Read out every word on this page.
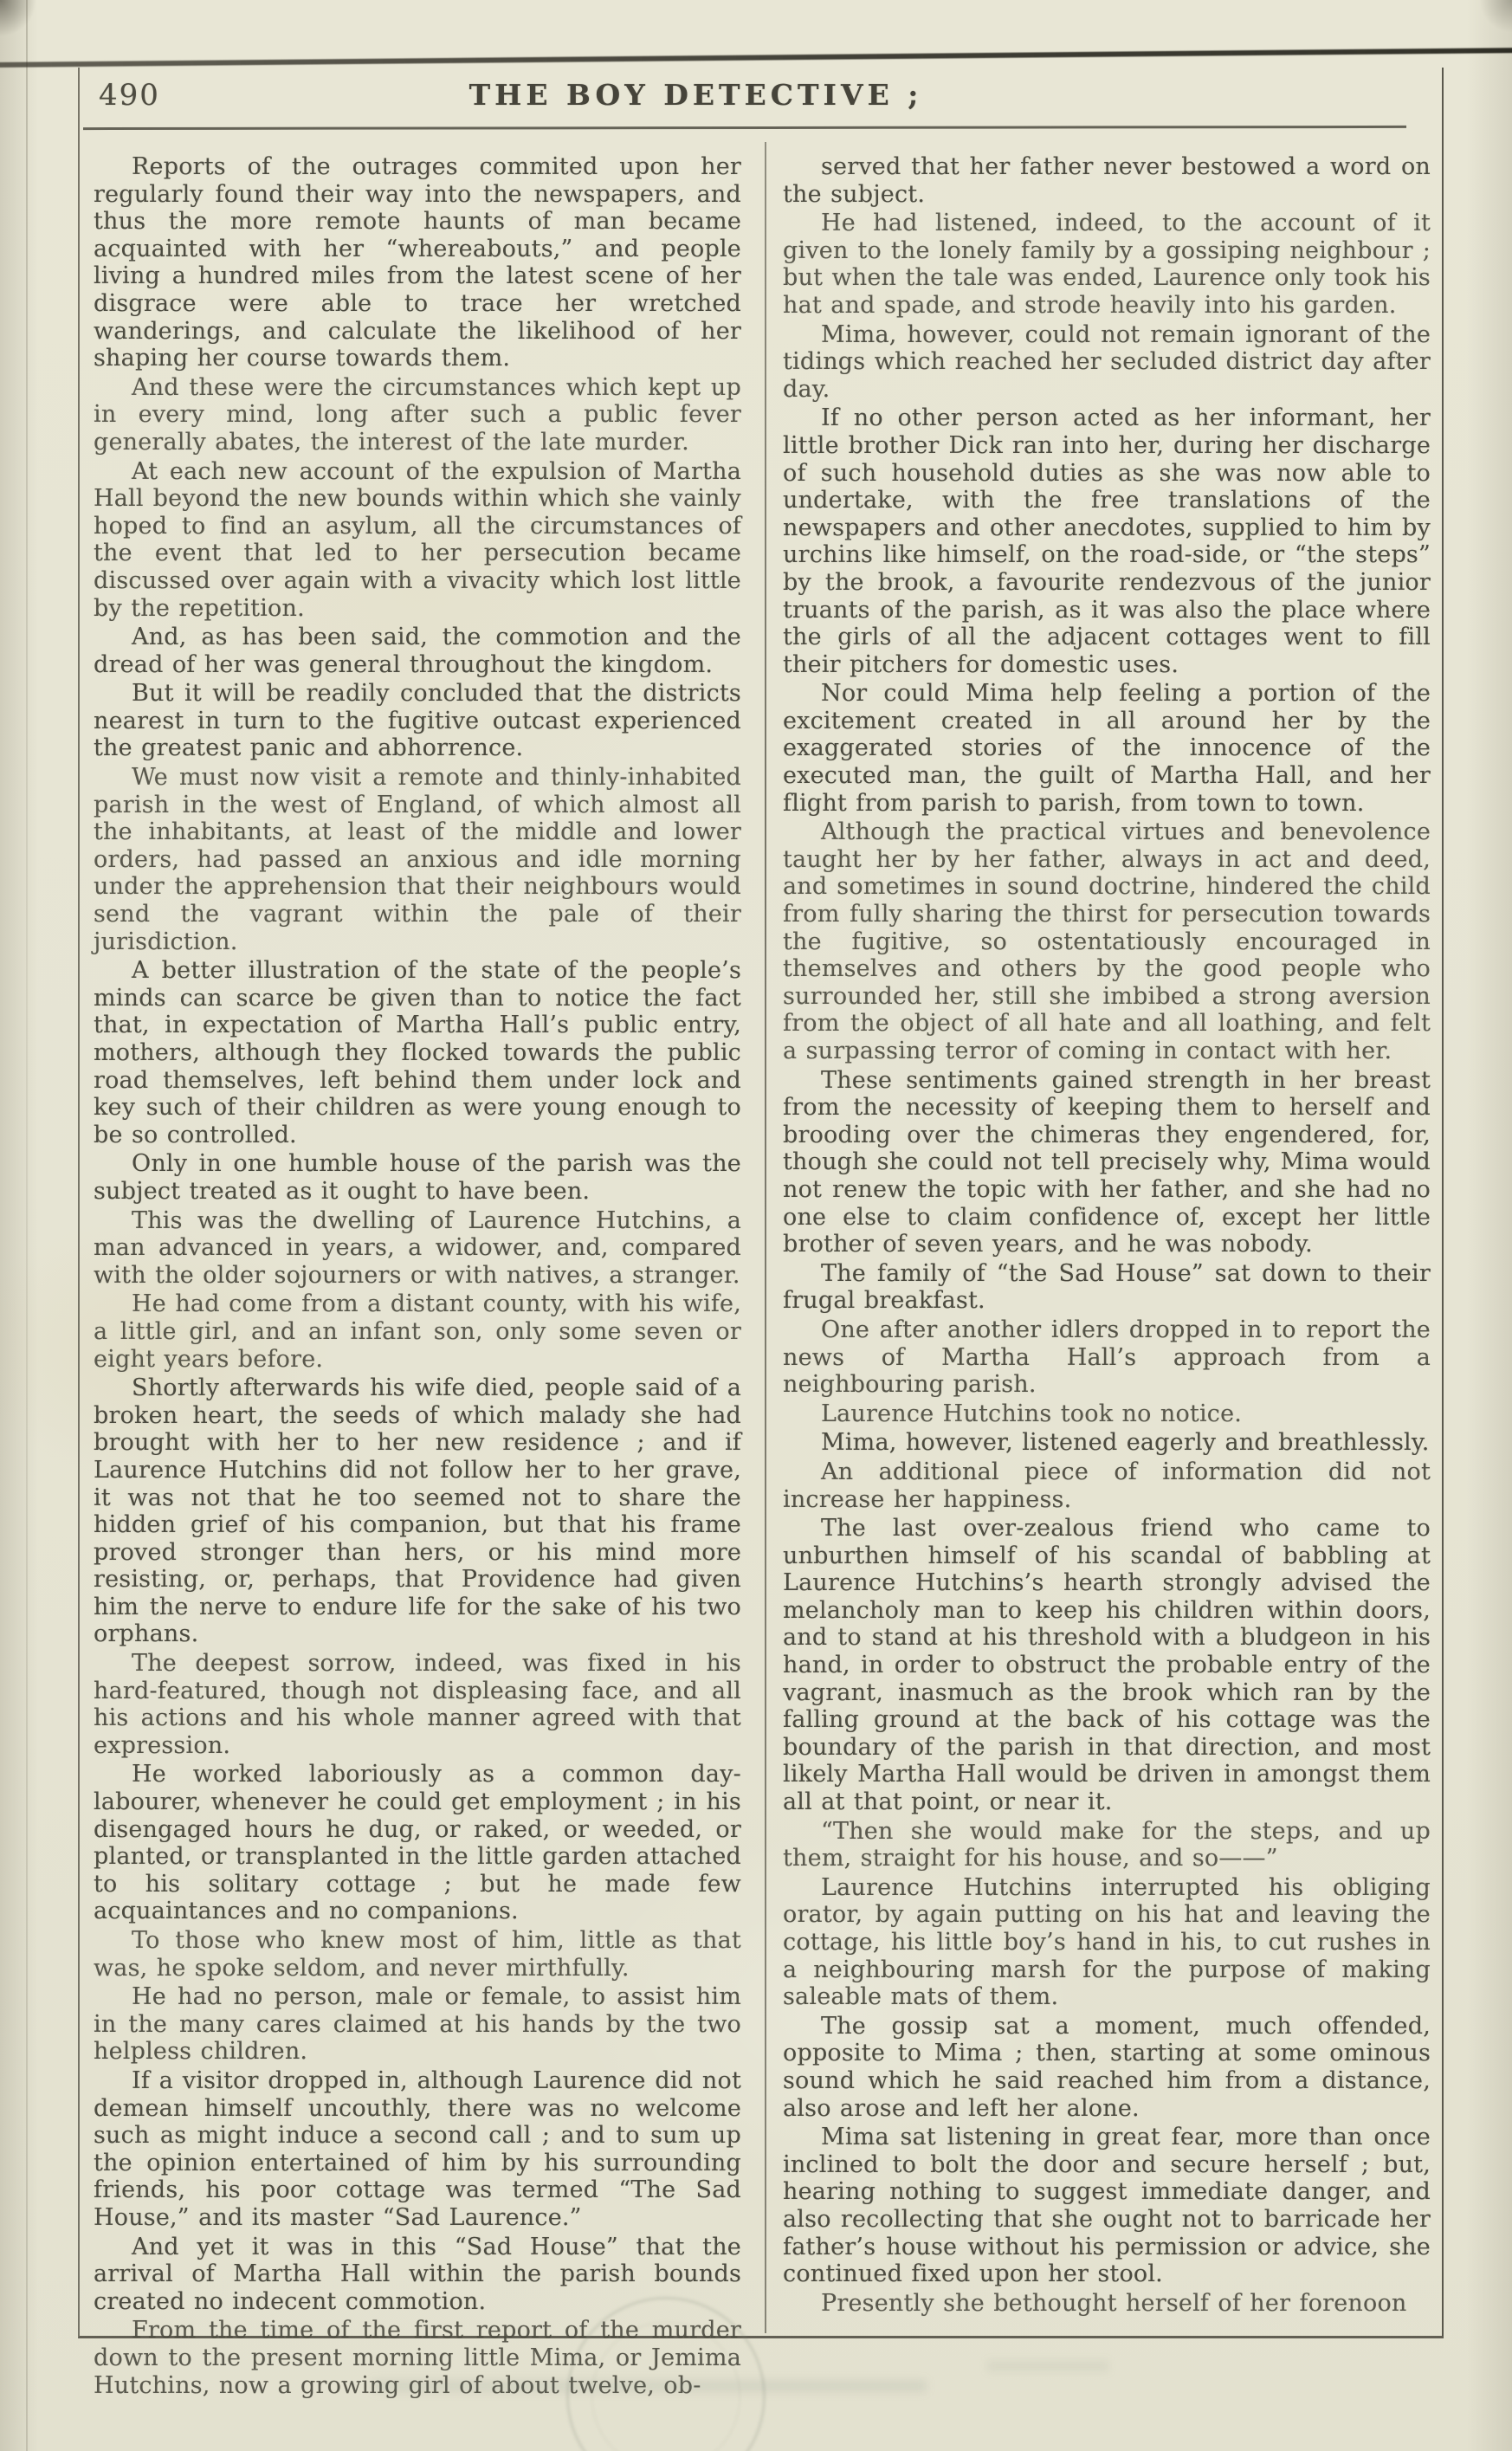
490	THE BOY DETECTIVE ;

Reports of the outrages commited upon her regularly found their way into the newspapers, and thus the more remote haunts of man became acquainted with her “whereabouts,” and people living a hundred miles from the latest scene of her disgrace were able to trace her wretched wanderings, and calculate the likelihood of her shaping her course towards them.

And these were the circumstances which kept up in every mind, long after such a public fever generally abates, the interest of the late murder.

At each new account of the expulsion of Martha Hall beyond the new bounds within which she vainly hoped to find an asylum, all the circumstances of the event that led to her persecution became discussed over again with a vivacity which lost little by the repetition.

And, as has been said, the commotion and the dread of her was general throughout the kingdom.

But it will be readily concluded that the districts nearest in turn to the fugitive outcast experienced the greatest panic and abhorrence.

We must now visit a remote and thinly-inhabited parish in the west of England, of which almost all the inhabitants, at least of the middle and lower orders, had passed an anxious and idle morning under the apprehension that their neighbours would send the vagrant within the pale of their jurisdiction.

A better illustration of the state of the people’s minds can scarce be given than to notice the fact that, in expectation of Martha Hall’s public entry, mothers, although they flocked towards the public road themselves, left behind them under lock and key such of their children as were young enough to be so controlled.

Only in one humble house of the parish was the subject treated as it ought to have been.

This was the dwelling of Laurence Hutchins, a man advanced in years, a widower, and, compared with the older sojourners or with natives, a stranger.

He had come from a distant county, with his wife, a little girl, and an infant son, only some seven or eight years before.

Shortly afterwards his wife died, people said of a broken heart, the seeds of which malady she had brought with her to her new residence ; and if Laurence Hutchins did not follow her to her grave, it was not that he too seemed not to share the hidden grief of his companion, but that his frame proved stronger than hers, or his mind more resisting, or, perhaps, that Providence had given him the nerve to endure life for the sake of his two orphans.

The deepest sorrow, indeed, was fixed in his hard-featured, though not displeasing face, and all his actions and his whole manner agreed with that expression.

He worked laboriously as a common day-labourer, whenever he could get employment ; in his disengaged hours he dug, or raked, or weeded, or planted, or transplanted in the little garden attached to his solitary cottage ; but he made few acquaintances and no companions.

To those who knew most of him, little as that was, he spoke seldom, and never mirthfully.

He had no person, male or female, to assist him in the many cares claimed at his hands by the two helpless children.

If a visitor dropped in, although Laurence did not demean himself uncouthly, there was no welcome such as might induce a second call ; and to sum up the opinion entertained of him by his surrounding friends, his poor cottage was termed “The Sad House,” and its master “Sad Laurence.”

And yet it was in this “Sad House” that the arrival of Martha Hall within the parish bounds created no indecent commotion.

From the time of the first report of the murder down to the present morning little Mima, or Jemima Hutchins, now a growing girl of about twelve, ob-

served that her father never bestowed a word on the subject.

He had listened, indeed, to the account of it given to the lonely family by a gossiping neighbour ; but when the tale was ended, Laurence only took his hat and spade, and strode heavily into his garden.

Mima, however, could not remain ignorant of the tidings which reached her secluded district day after day.

If no other person acted as her informant, her little brother Dick ran into her, during her discharge of such household duties as she was now able to undertake, with the free translations of the newspapers and other anecdotes, supplied to him by urchins like himself, on the road-side, or “the steps” by the brook, a favourite rendezvous of the junior truants of the parish, as it was also the place where the girls of all the adjacent cottages went to fill their pitchers for domestic uses.

Nor could Mima help feeling a portion of the excitement created in all around her by the exaggerated stories of the innocence of the executed man, the guilt of Martha Hall, and her flight from parish to parish, from town to town.

Although the practical virtues and benevolence taught her by her father, always in act and deed, and sometimes in sound doctrine, hindered the child from fully sharing the thirst for persecution towards the fugitive, so ostentatiously encouraged in themselves and others by the good people who surrounded her, still she imbibed a strong aversion from the object of all hate and all loathing, and felt a surpassing terror of coming in contact with her.

These sentiments gained strength in her breast from the necessity of keeping them to herself and brooding over the chimeras they engendered, for, though she could not tell precisely why, Mima would not renew the topic with her father, and she had no one else to claim confidence of, except her little brother of seven years, and he was nobody.

The family of “the Sad House” sat down to their frugal breakfast.

One after another idlers dropped in to report the news of Martha Hall’s approach from a neighbouring parish.

Laurence Hutchins took no notice.

Mima, however, listened eagerly and breathlessly.

An additional piece of information did not increase her happiness.

The last over-zealous friend who came to unburthen himself of his scandal of babbling at Laurence Hutchins’s hearth strongly advised the melancholy man to keep his children within doors, and to stand at his threshold with a bludgeon in his hand, in order to obstruct the probable entry of the vagrant, inasmuch as the brook which ran by the falling ground at the back of his cottage was the boundary of the parish in that direction, and most likely Martha Hall would be driven in amongst them all at that point, or near it.

“Then she would make for the steps, and up them, straight for his house, and so——”

Laurence Hutchins interrupted his obliging orator, by again putting on his hat and leaving the cottage, his little boy’s hand in his, to cut rushes in a neighbouring marsh for the purpose of making saleable mats of them.

The gossip sat a moment, much offended, opposite to Mima ; then, starting at some ominous sound which he said reached him from a distance, also arose and left her alone.

Mima sat listening in great fear, more than once inclined to bolt the door and secure herself ; but, hearing nothing to suggest immediate danger, and also recollecting that she ought not to barricade her father’s house without his permission or advice, she continued fixed upon her stool.

Presently she bethought herself of her forenoon
